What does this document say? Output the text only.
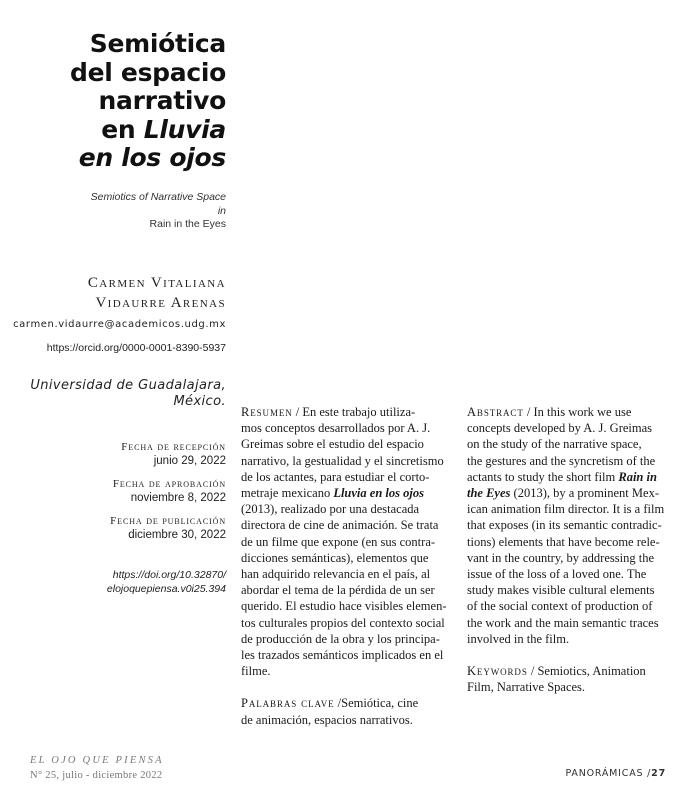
Semiótica
del espacio
narrativo
en Lluvia
en los ojos
Semiotics of Narrative Space
in
Rain in the Eyes
Carmen Vitaliana
Vidaurre Arenas
carmen.vidaurre@academicos.udg.mx
https://orcid.org/0000-0001-8390-5937
Universidad de Guadalajara,
México.
Fecha de recepción
junio 29, 2022
Fecha de aprobación
noviembre 8, 2022
Fecha de publicación
diciembre 30, 2022
https://doi.org/10.32870/
elojoquepiensa.v0i25.394
Resumen / En este trabajo utiliza-
mos conceptos desarrollados por A. J.
Greimas sobre el estudio del espacio
narrativo, la gestualidad y el sincretismo
de los actantes, para estudiar el corto-
metraje mexicano Lluvia en los ojos
(2013), realizado por una destacada
directora de cine de animación. Se trata
de un filme que expone (en sus contra-
dicciones semánticas), elementos que
han adquirido relevancia en el país, al
abordar el tema de la pérdida de un ser
querido. El estudio hace visibles elemen-
tos culturales propios del contexto social
de producción de la obra y los principa-
les trazados semánticos implicados en el
filme.
Palabras clave /Semiótica, cine
de animación, espacios narrativos.
Abstract / In this work we use
concepts developed by A. J. Greimas
on the study of the narrative space,
the gestures and the syncretism of the
actants to study the short film Rain in
the Eyes (2013), by a prominent Mex-
ican animation film director. It is a film
that exposes (in its semantic contradic-
tions) elements that have become rele-
vant in the country, by addressing the
issue of the loss of a loved one. The
study makes visible cultural elements
of the social context of production of
the work and the main semantic traces
involved in the film.
Keywords / Semiotics, Animation
Film, Narrative Spaces.
EL OJO QUE PIENSA
N° 25, julio - diciembre 2022	PANORÁMICAS /27
